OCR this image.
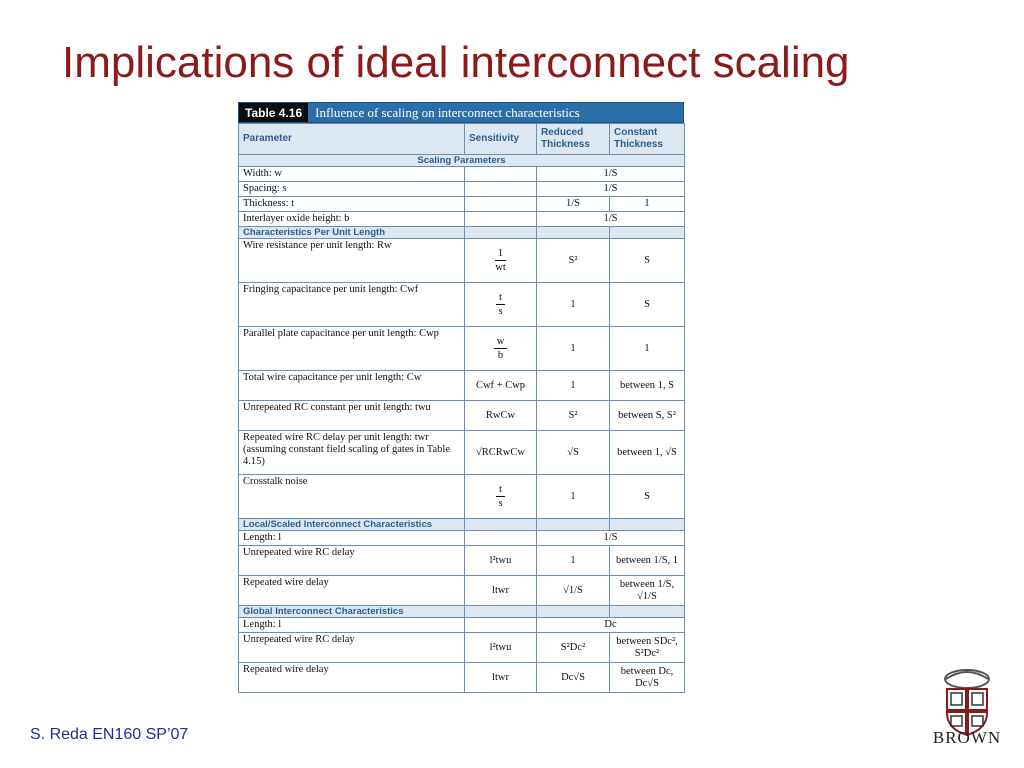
Implications of ideal interconnect scaling
Table 4.16	Influence of scaling on interconnect characteristics
Parameter	Sensitivity	Reduced Thickness	Constant Thickness
Scaling Parameters			
Width: w		1/S	
Spacing: s		1/S	
Thickness: t		1/S	1
Interlayer oxide height: b		1/S	
Characteristics Per Unit Length			
Wire resistance per unit length: Rw	$\frac{1}{wt}$	S²	S
Fringing capacitance per unit length: Cwf	$\frac{t}{s}$	1	S
Parallel plate capacitance per unit length: Cwp	$\frac{w}{b}$	1	1
Total wire capacitance per unit length: Cw	Cwf + Cwp	1	between 1, S
Unrepeated RC constant per unit length: twu	RwCw	S²	between S, S²
Repeated wire RC delay per unit length: twr (assuming constant field scaling of gates in Table 4.15)	√RCRwCw	√S	between 1, √S
Crosstalk noise	$\frac{t}{s}$	1	S
Local/Scaled Interconnect Characteristics			
Length: l		1/S	
Unrepeated wire RC delay	l²twu	1	between 1/S, 1
Repeated wire delay	ltwr	√1/S	between 1/S, √1/S
Global Interconnect Characteristics			
Length: l		Dc	
Unrepeated wire RC delay	l²twu	S²Dc²	between SDc², S²Dc²
Repeated wire delay	ltwr	Dc√S	between Dc, Dc√S
S. Reda EN160 SP’07	BROWN
